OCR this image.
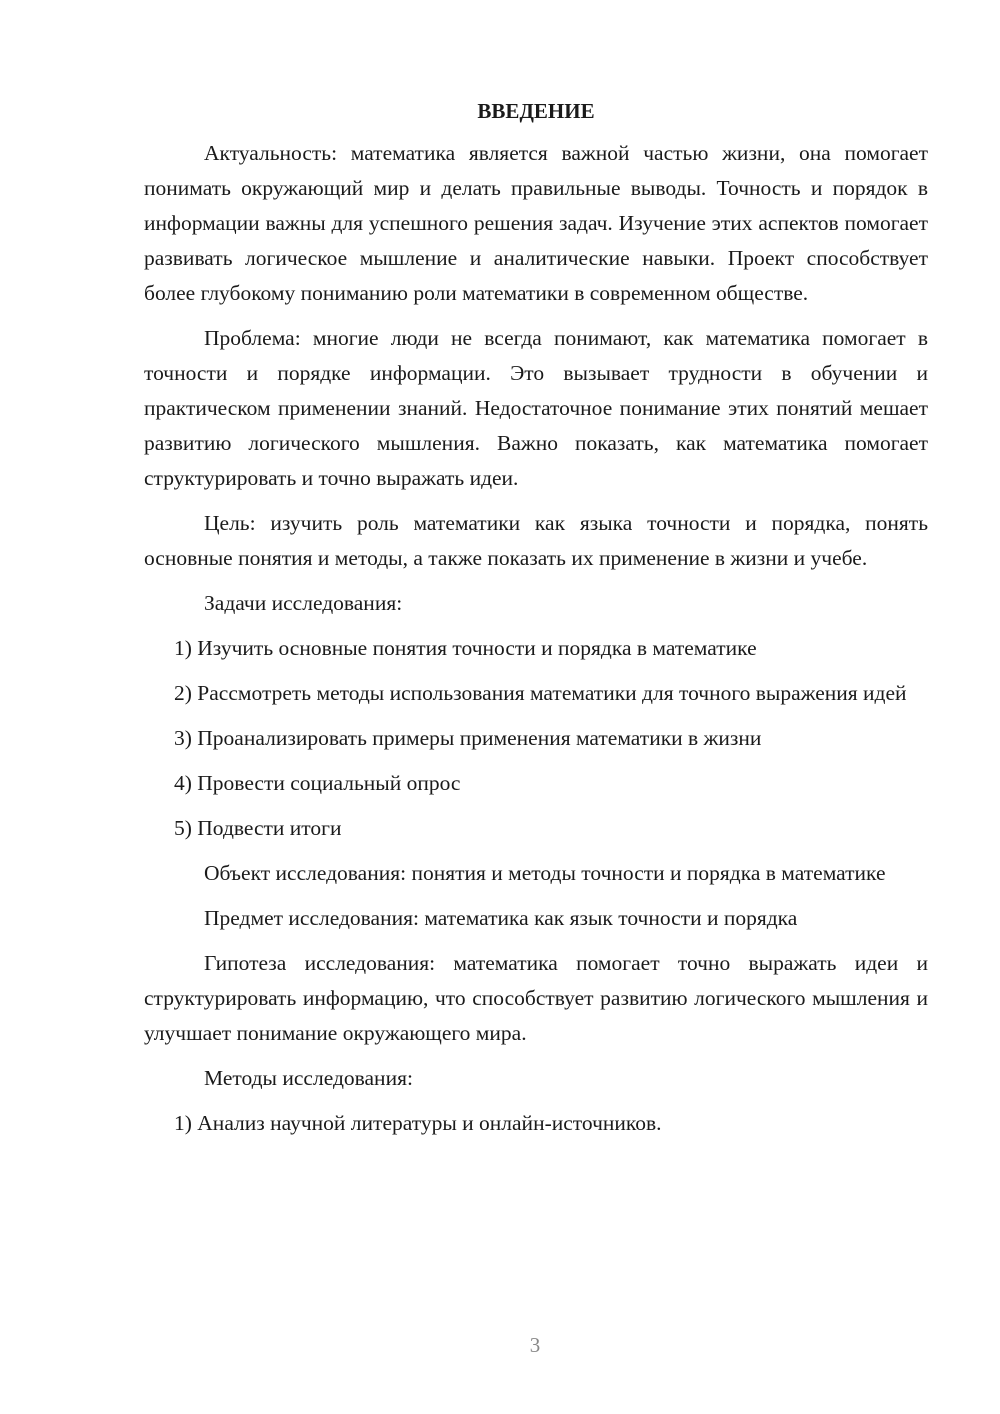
ВВЕДЕНИЕ

Актуальность: математика является важной частью жизни, она помогает понимать окружающий мир и делать правильные выводы. Точность и порядок в информации важны для успешного решения задач. Изучение этих аспектов помогает развивать логическое мышление и аналитические навыки. Проект способствует более глубокому пониманию роли математики в современном обществе.

Проблема: многие люди не всегда понимают, как математика помогает в точности и порядке информации. Это вызывает трудности в обучении и практическом применении знаний. Недостаточное понимание этих понятий мешает развитию логического мышления. Важно показать, как математика помогает структурировать и точно выражать идеи.

Цель: изучить роль математики как языка точности и порядка, понять основные понятия и методы, а также показать их применение в жизни и учебе.

Задачи исследования:

1) Изучить основные понятия точности и порядка в математике

2) Рассмотреть методы использования математики для точного выражения идей

3) Проанализировать примеры применения математики в жизни

4) Провести социальный опрос

5) Подвести итоги

Объект исследования: понятия и методы точности и порядка в математике

Предмет исследования: математика как язык точности и порядка

Гипотеза исследования: математика помогает точно выражать идеи и структурировать информацию, что способствует развитию логического мышления и улучшает понимание окружающего мира.

Методы исследования:

1) Анализ научной литературы и онлайн-источников.

3
